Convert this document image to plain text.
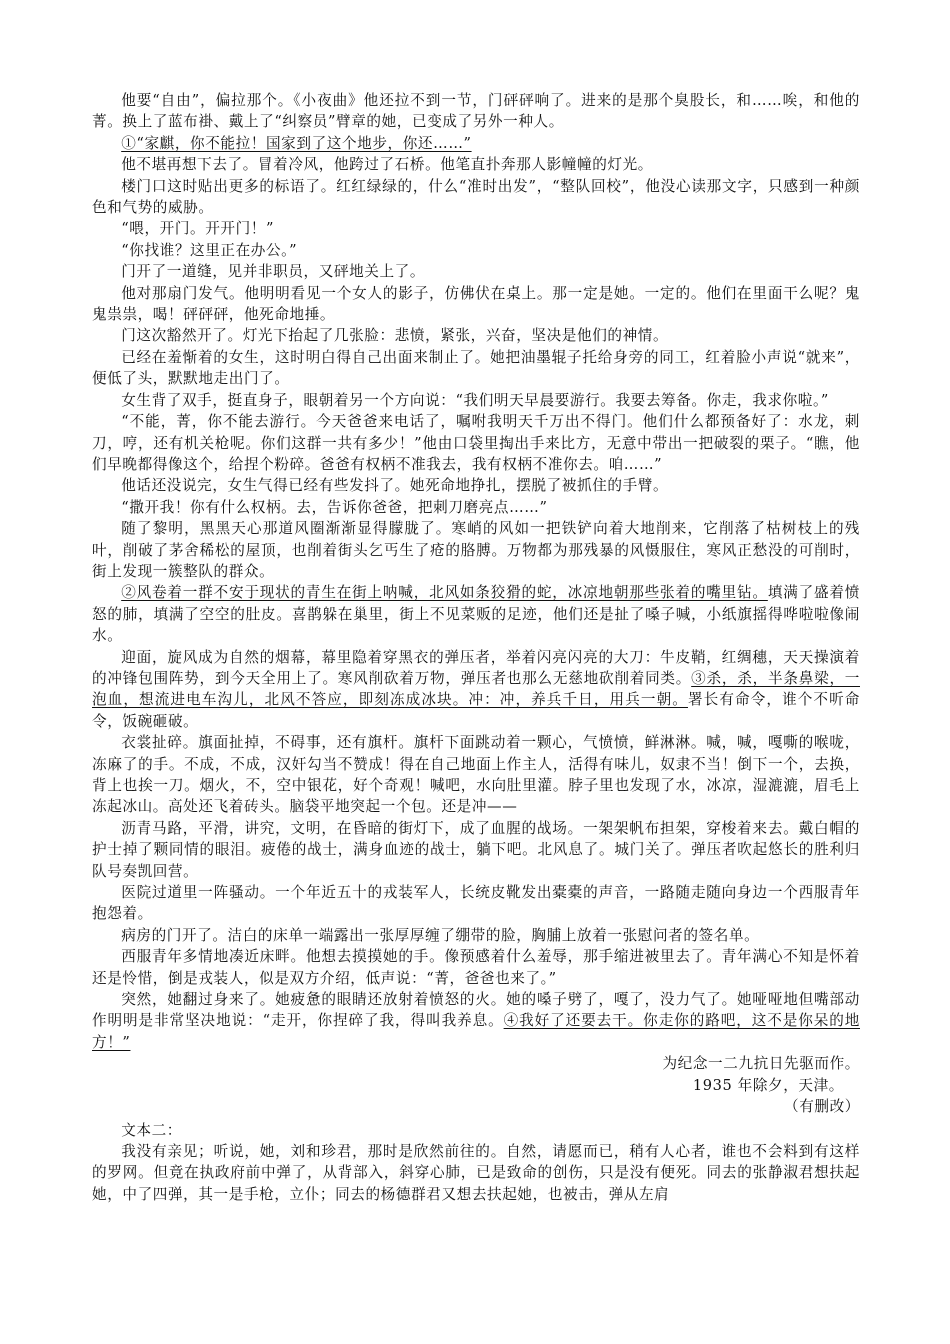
他要“自由”，偏拉那个。《小夜曲》他还拉不到一节，门砰砰响了。进来的是那个臭股长，和……唉，和他的菁。换上了蓝布褂、戴上了“纠察员”臂章的她，已变成了另外一种人。

①“家麒，你不能拉！国家到了这个地步，你还……”

他不堪再想下去了。冒着冷风，他跨过了石桥。他笔直扑奔那人影幢幢的灯光。

楼门口这时贴出更多的标语了。红红绿绿的，什么“准时出发”，“整队回校”，他没心读那文字，只感到一种颜色和气势的威胁。

“喂，开门。开开门！”

“你找谁？这里正在办公。”

门开了一道缝，见并非职员，又砰地关上了。

他对那扇门发气。他明明看见一个女人的影子，仿佛伏在桌上。那一定是她。一定的。他们在里面干么呢？鬼鬼祟祟，喝！砰砰砰，他死命地捶。

门这次豁然开了。灯光下抬起了几张脸：悲愤，紧张，兴奋，坚决是他们的神情。

已经在羞惭着的女生，这时明白得自己出面来制止了。她把油墨辊子托给身旁的同工，红着脸小声说“就来”，便低了头，默默地走出门了。

女生背了双手，挺直身子，眼朝着另一个方向说：“我们明天早晨要游行。我要去筹备。你走，我求你啦。”

“不能，菁，你不能去游行。今天爸爸来电话了，嘱咐我明天千万出不得门。他们什么都预备好了：水龙，刺刀，哼，还有机关枪呢。你们这群一共有多少！”他由口袋里掏出手来比方，无意中带出一把破裂的栗子。“瞧，他们早晚都得像这个，给捏个粉碎。爸爸有权柄不准我去，我有权柄不准你去。咱……”

他话还没说完，女生气得已经有些发抖了。她死命地挣扎，摆脱了被抓住的手臂。

“撒开我！你有什么权柄。去，告诉你爸爸，把刺刀磨亮点……”

随了黎明，黑黑天心那道风圈渐渐显得朦胧了。寒峭的风如一把铁铲向着大地削来，它削落了枯树枝上的残叶，削破了茅舍稀松的屋顶，也削着街头乞丐生了疮的胳膊。万物都为那残暴的风慑服住，寒风正愁没的可削时，街上发现一簇整队的群众。

②风卷着一群不安于现状的青生在街上呐喊，北风如条狡猾的蛇，冰凉地朝那些张着的嘴里钻。填满了盛着愤怒的肺，填满了空空的肚皮。喜鹊躲在巢里，街上不见菜贩的足迹，他们还是扯了嗓子喊，小纸旗摇得哗啦啦像闹水。

迎面，旋风成为自然的烟幕，幕里隐着穿黑衣的弹压者，举着闪亮闪亮的大刀：牛皮鞘，红绸穗，天天操演着的冲锋包围阵势，到今天全用上了。寒风削砍着万物，弹压者也那么无慈地砍削着同类。③杀，杀，半条鼻梁，一泡血，想流进电车沟儿，北风不答应，即刻冻成冰块。冲：冲，养兵千日，用兵一朝。署长有命令，谁个不听命令，饭碗砸破。

衣裳扯碎。旗面扯掉，不碍事，还有旗杆。旗杆下面跳动着一颗心，气愤愤，鲜淋淋。喊，喊，嘎嘶的喉咙，冻麻了的手。不成，不成，汉奸勾当不赞成！得在自己地面上作主人，活得有味儿，奴隶不当！倒下一个，去换，背上也挨一刀。烟火，不，空中银花，好个奇观！喊吧，水向肚里灌。脖子里也发现了水，冰凉，湿漉漉，眉毛上冻起冰山。高处还飞着砖头。脑袋平地突起一个包。还是冲——

沥青马路，平滑，讲究，文明，在昏暗的街灯下，成了血腥的战场。一架架帆布担架，穿梭着来去。戴白帽的护士掉了颗同情的眼泪。疲倦的战士，满身血迹的战士，躺下吧。北风息了。城门关了。弹压者吹起悠长的胜利归队号奏凯回营。

医院过道里一阵骚动。一个年近五十的戎装军人，长统皮靴发出橐橐的声音，一路随走随向身边一个西服青年抱怨着。

病房的门开了。洁白的床单一端露出一张厚厚缠了绷带的脸，胸脯上放着一张慰问者的签名单。

西服青年多情地凑近床畔。他想去摸摸她的手。像预感着什么羞辱，那手缩进被里去了。青年满心不知是怀着还是怜惜，倒是戎装人，似是双方介绍，低声说：“菁，爸爸也来了。”

突然，她翻过身来了。她疲惫的眼睛还放射着愤怒的火。她的嗓子劈了，嘎了，没力气了。她哑哑地但嘴部动作明明是非常坚决地说：“走开，你捏碎了我，得叫我养息。④我好了还要去干。你走你的路吧，这不是你呆的地方！”

为纪念一二九抗日先驱而作。

1935 年除夕，天津。

（有删改）

文本二：

我没有亲见；听说，她，刘和珍君，那时是欣然前往的。自然，请愿而已，稍有人心者，谁也不会料到有这样的罗网。但竟在执政府前中弹了，从背部入，斜穿心肺，已是致命的创伤，只是没有便死。同去的张静淑君想扶起她，中了四弹，其一是手枪，立仆；同去的杨德群君又想去扶起她，也被击，弹从左肩
